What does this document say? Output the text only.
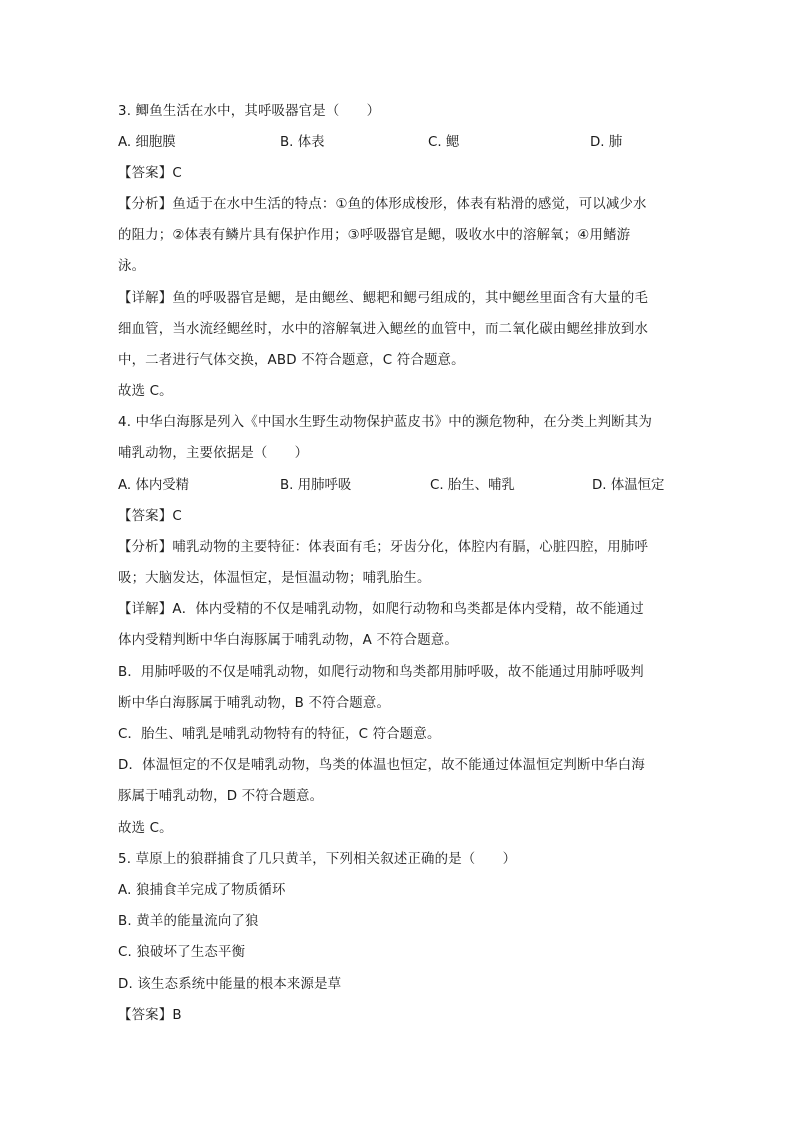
3. 鲫鱼生活在水中，其呼吸器官是（　　）
A. 细胞膜	B. 体表	C. 鳃	D. 肺
【答案】C
【分析】鱼适于在水中生活的特点：①鱼的体形成梭形，体表有粘滑的感觉，可以减少水
的阻力；②体表有鳞片具有保护作用；③呼吸器官是鳃，吸收水中的溶解氧；④用鳍游
泳。
【详解】鱼的呼吸器官是鳃，是由鳃丝、鳃耙和鳃弓组成的，其中鳃丝里面含有大量的毛
细血管，当水流经鳃丝时，水中的溶解氧进入鳃丝的血管中，而二氧化碳由鳃丝排放到水
中，二者进行气体交换，ABD 不符合题意，C 符合题意。
故选 C。
4. 中华白海豚是列入《中国水生野生动物保护蓝皮书》中的濒危物种，在分类上判断其为
哺乳动物，主要依据是（　　）
A. 体内受精	B. 用肺呼吸	C. 胎生、哺乳	D. 体温恒定
【答案】C
【分析】哺乳动物的主要特征：体表面有毛；牙齿分化，体腔内有膈，心脏四腔，用肺呼
吸；大脑发达，体温恒定，是恒温动物；哺乳胎生。
【详解】A．体内受精的不仅是哺乳动物，如爬行动物和鸟类都是体内受精，故不能通过
体内受精判断中华白海豚属于哺乳动物，A 不符合题意。
B．用肺呼吸的不仅是哺乳动物，如爬行动物和鸟类都用肺呼吸，故不能通过用肺呼吸判
断中华白海豚属于哺乳动物，B 不符合题意。
C．胎生、哺乳是哺乳动物特有的特征，C 符合题意。
D．体温恒定的不仅是哺乳动物，鸟类的体温也恒定，故不能通过体温恒定判断中华白海
豚属于哺乳动物，D 不符合题意。
故选 C。
5. 草原上的狼群捕食了几只黄羊，下列相关叙述正确的是（　　）
A. 狼捕食羊完成了物质循环
B. 黄羊的能量流向了狼
C. 狼破坏了生态平衡
D. 该生态系统中能量的根本来源是草
【答案】B
